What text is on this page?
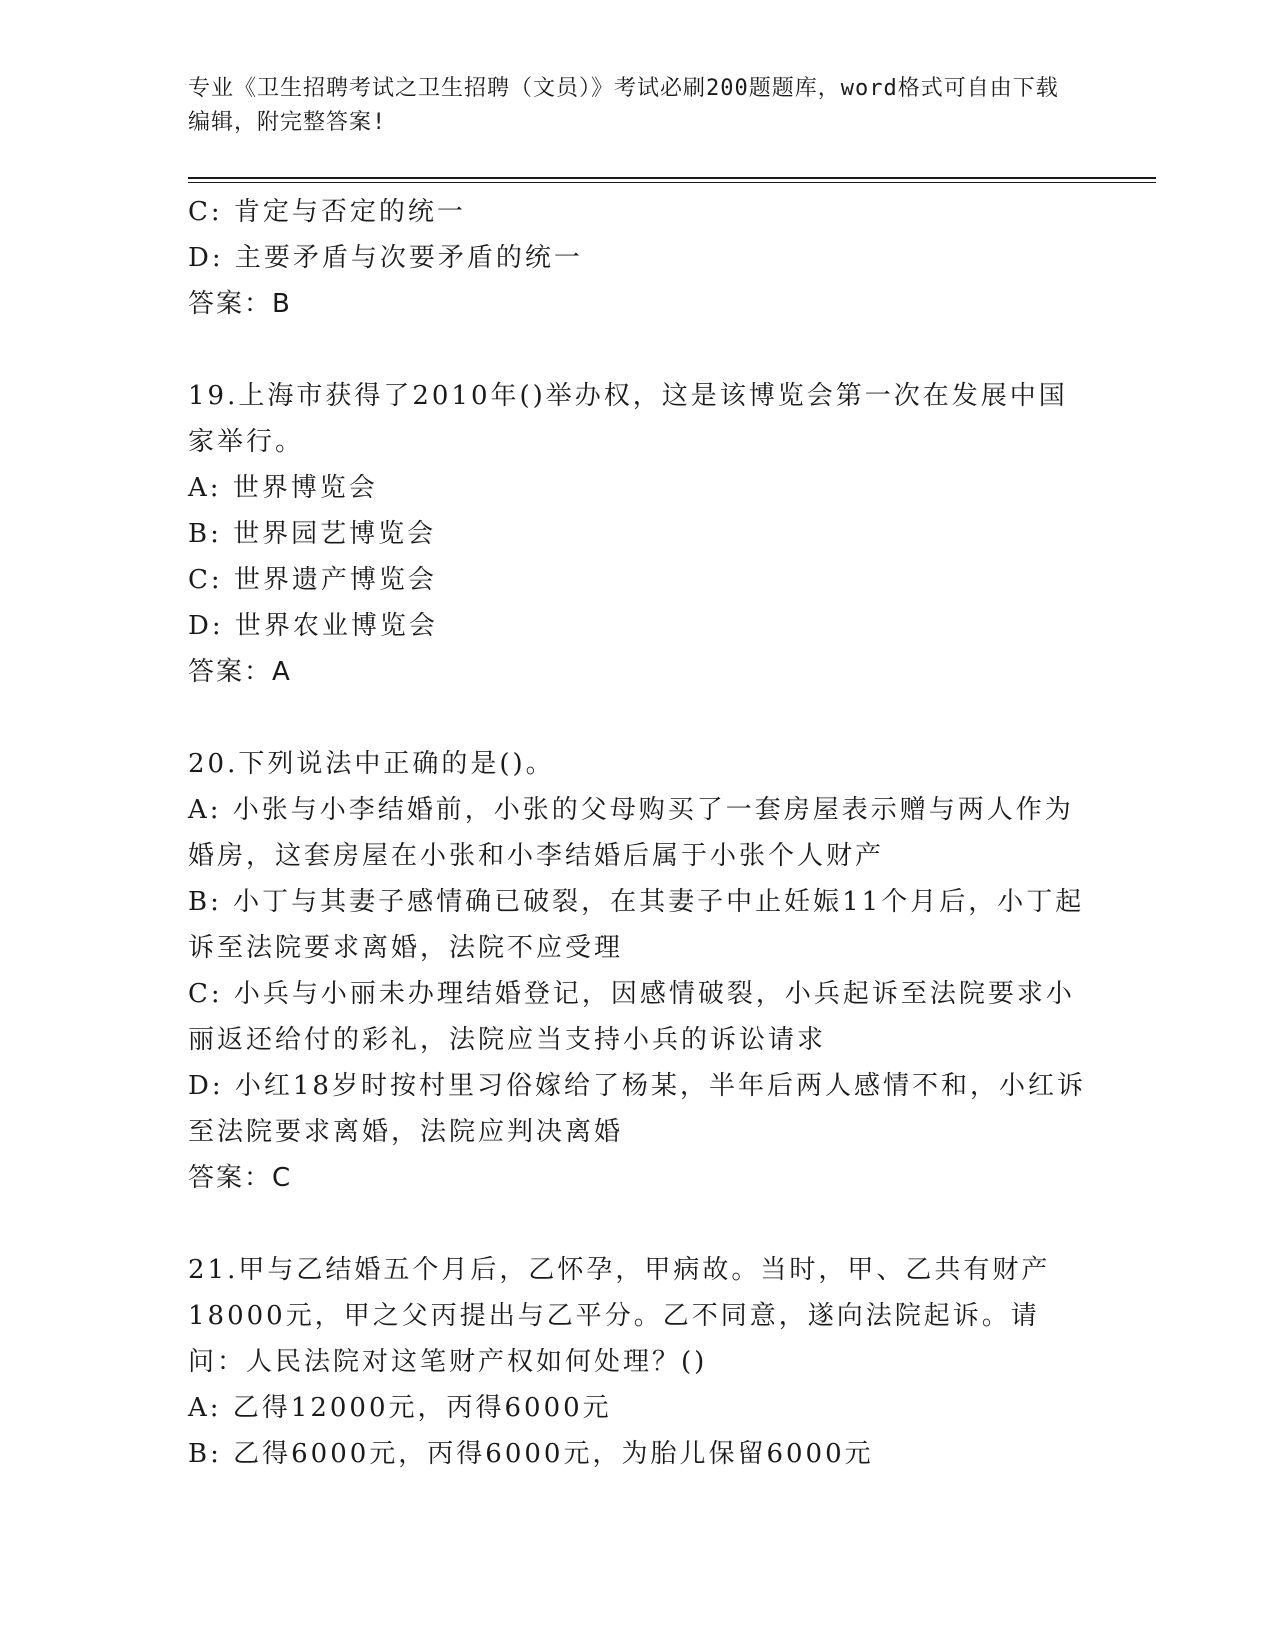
专业《卫生招聘考试之卫生招聘（文员）》考试必刷200题题库，word格式可自由下载编辑，附完整答案!
C: 肯定与否定的统一
D: 主要矛盾与次要矛盾的统一
答案：B
19.上海市获得了2010年()举办权，这是该博览会第一次在发展中国家举行。
A: 世界博览会
B: 世界园艺博览会
C: 世界遗产博览会
D: 世界农业博览会
答案：A
20.下列说法中正确的是()。
A: 小张与小李结婚前，小张的父母购买了一套房屋表示赠与两人作为婚房，这套房屋在小张和小李结婚后属于小张个人财产
B: 小丁与其妻子感情确已破裂，在其妻子中止妊娠11个月后，小丁起诉至法院要求离婚，法院不应受理
C: 小兵与小丽未办理结婚登记，因感情破裂，小兵起诉至法院要求小丽返还给付的彩礼，法院应当支持小兵的诉讼请求
D: 小红18岁时按村里习俗嫁给了杨某，半年后两人感情不和，小红诉至法院要求离婚，法院应判决离婚
答案：C
21.甲与乙结婚五个月后，乙怀孕，甲病故。当时，甲、乙共有财产18000元，甲之父丙提出与乙平分。乙不同意，遂向法院起诉。请问：人民法院对这笔财产权如何处理？()
A: 乙得12000元，丙得6000元
B: 乙得6000元，丙得6000元，为胎儿保留6000元
